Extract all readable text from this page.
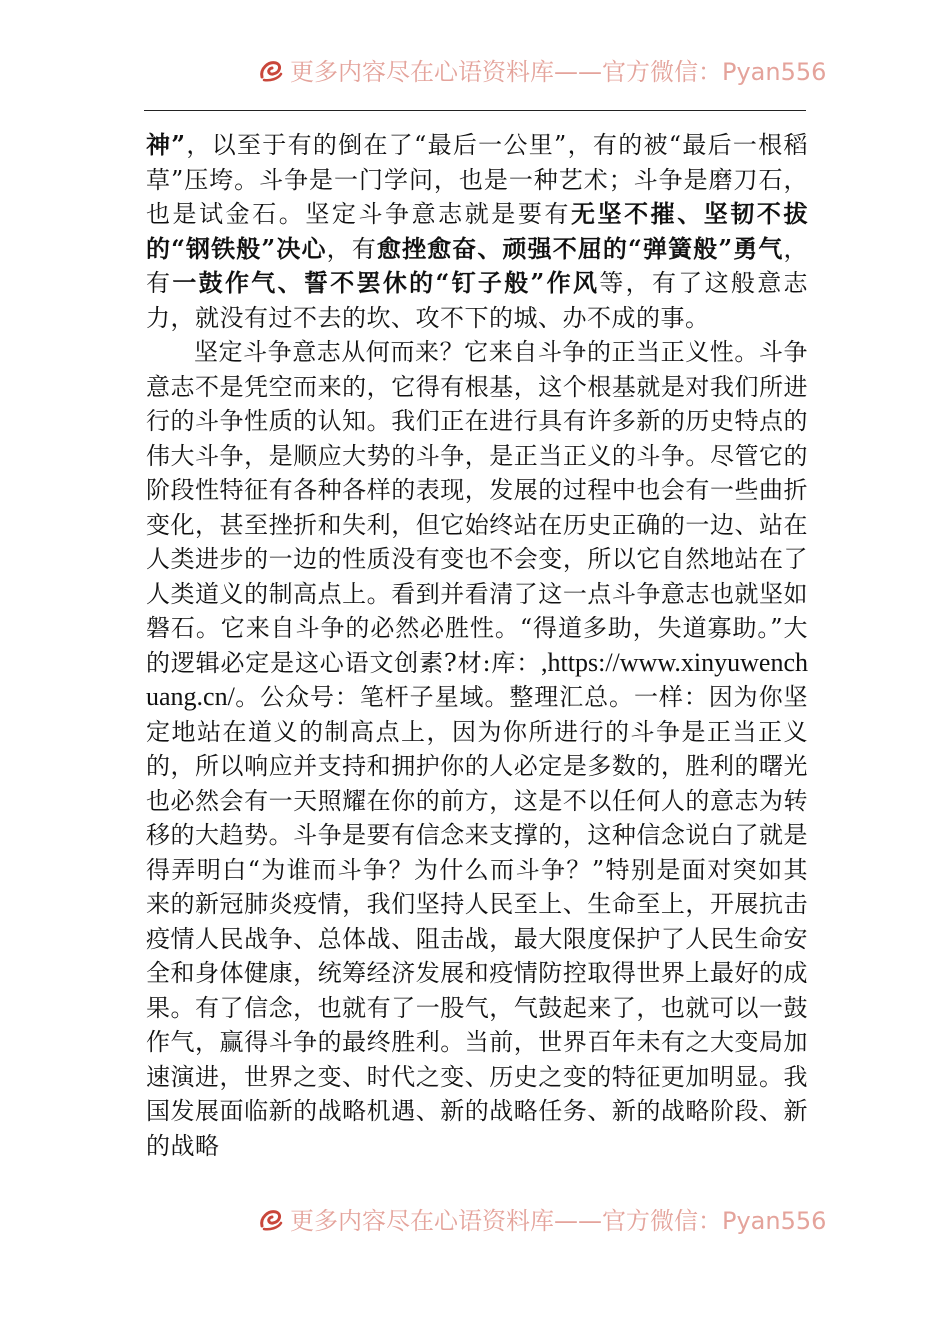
更多内容尽在心语资料库——官方微信：Pyan556

神”，以至于有的倒在了“最后一公里”，有的被“最后一根稻草”压垮。斗争是一门学问，也是一种艺术；斗争是磨刀石，也是试金石。坚定斗争意志就是要有无坚不摧、坚韧不拔的“钢铁般”决心，有愈挫愈奋、顽强不屈的“弹簧般”勇气，有一鼓作气、誓不罢休的“钉子般”作风等，有了这般意志力，就没有过不去的坎、攻不下的城、办不成的事。

坚定斗争意志从何而来？它来自斗争的正当正义性。斗争意志不是凭空而来的，它得有根基，这个根基就是对我们所进行的斗争性质的认知。我们正在进行具有许多新的历史特点的伟大斗争，是顺应大势的斗争，是正当正义的斗争。尽管它的阶段性特征有各种各样的表现，发展的过程中也会有一些曲折变化，甚至挫折和失利，但它始终站在历史正确的一边、站在人类进步的一边的性质没有变也不会变，所以它自然地站在了人类道义的制高点上。看到并看清了这一点斗争意志也就坚如磐石。它来自斗争的必然必胜性。“得道多助，失道寡助。”大的逻辑必定是这心语文创素?材:库：,https://www.xinyuwenchuang.cn/。公众号：笔杆子星域。整理汇总。一样：因为你坚定地站在道义的制高点上，因为你所进行的斗争是正当正义的，所以响应并支持和拥护你的人必定是多数的，胜利的曙光也必然会有一天照耀在你的前方，这是不以任何人的意志为转移的大趋势。斗争是要有信念来支撑的，这种信念说白了就是得弄明白“为谁而斗争？为什么而斗争？”特别是面对突如其来的新冠肺炎疫情，我们坚持人民至上、生命至上，开展抗击疫情人民战争、总体战、阻击战，最大限度保护了人民生命安全和身体健康，统筹经济发展和疫情防控取得世界上最好的成果。有了信念，也就有了一股气，气鼓起来了，也就可以一鼓作气，赢得斗争的最终胜利。当前，世界百年未有之大变局加速演进，世界之变、时代之变、历史之变的特征更加明显。我国发展面临新的战略机遇、新的战略任务、新的战略阶段、新的战略

更多内容尽在心语资料库——官方微信：Pyan556
